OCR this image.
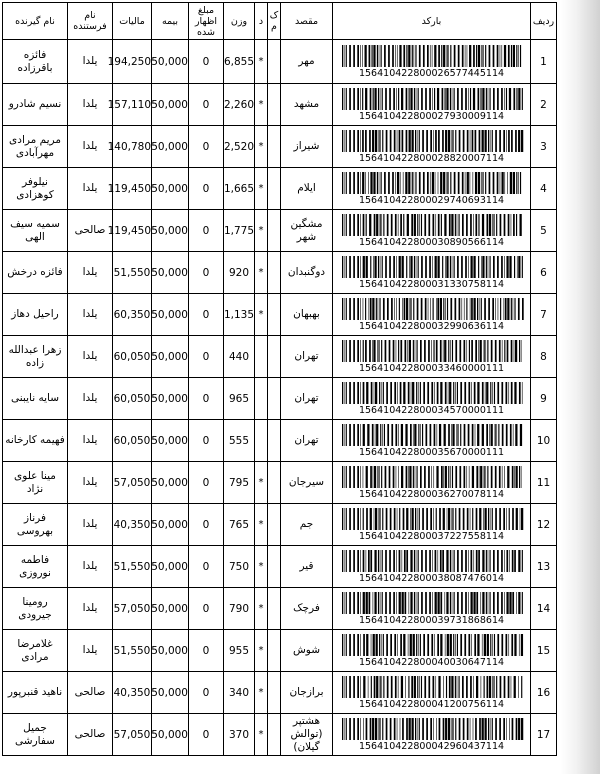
ردیف	بارکد	مقصد	ک م	د	وزن	مبلغ اظهار شده	بیمه	مالیات	نام فرستنده	نام گیرنده
1	156410422800026577445114	مهر		*	6,855	0	50,000	194,250	یلدا	فائزه باقرزاده
2	156410422800027930009114	مشهد		*	2,260	0	50,000	157,110	یلدا	نسیم شادرو
3	156410422800028820007114	شیراز		*	2,520	0	50,000	140,780	یلدا	مریم مرادی مهرآبادی
4	156410422800029740693114	ایلام		*	1,665	0	50,000	119,450	یلدا	نیلوفر کوهزادی
5	156410422800030890566114	مشگین شهر		*	1,775	0	50,000	119,450	صالحی	سمیه سیف الهی
6	156410422800031330758114	دوگنبدان		*	920	0	50,000	51,550	یلدا	فائزه درخش
7	156410422800032990636114	بهبهان		*	1,135	0	50,000	60,350	یلدا	راحیل دهاز
8	156410422800033460000111	تهران			440	0	50,000	60,050	یلدا	زهرا عبدالله زاده
9	156410422800034570000111	تهران			965	0	50,000	60,050	یلدا	سایه نایبنی
10	156410422800035670000111	تهران			555	0	50,000	60,050	یلدا	فهیمه کارخانه
11	156410422800036270078114	سیرجان		*	795	0	50,000	57,050	یلدا	مینا علوی نژاد
12	156410422800037227558114	جم		*	765	0	50,000	40,350	یلدا	فرناز بهروسی
13	156410422800038087476014	قیر		*	750	0	50,000	51,550	یلدا	فاطمه نوروزی
14	156410422800039731868614	فرچک		*	790	0	50,000	57,050	یلدا	رومینا جیرودی
15	156410422800040030647114	شوش		*	955	0	50,000	51,550	یلدا	غلامرضا مرادی
16	156410422800041200756114	برازجان		*	340	0	50,000	40,350	صالحی	ناهید قنبرپور
17	156410422800042960437114	هشتپر (توالش گیلان)		*	370	0	50,000	57,050	صالحی	جمیل سفارشی
